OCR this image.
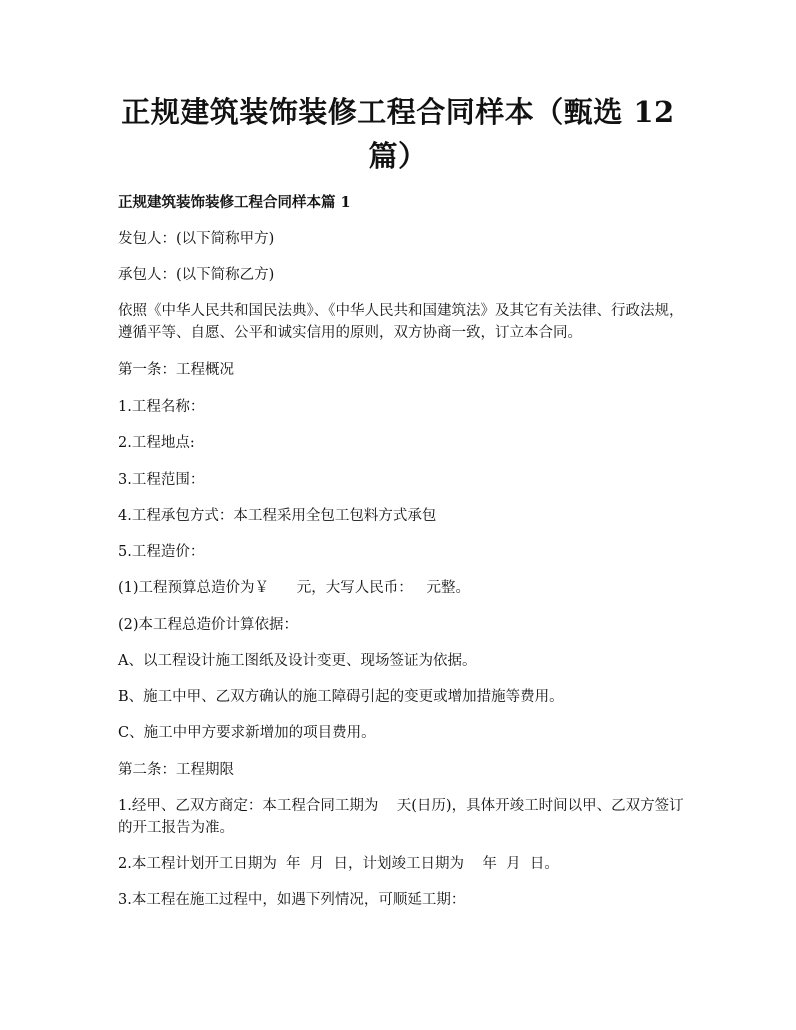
正规建筑装饰装修工程合同样本（甄选 12
篇）
正规建筑装饰装修工程合同样本篇 1
发包人：(以下简称甲方)
承包人：(以下简称乙方)
依照《中华人民共和国民法典》、《中华人民共和国建筑法》及其它有关法律、行政法规，遵循平等、自愿、公平和诚实信用的原则，双方协商一致，订立本合同。
第一条：工程概况
1.工程名称：
2.工程地点:
3.工程范围：
4.工程承包方式：本工程采用全包工包料方式承包
5.工程造价：
(1)工程预算总造价为￥      元，大写人民币：   元整。
(2)本工程总造价计算依据：
A、以工程设计施工图纸及设计变更、现场签证为依据。
B、施工中甲、乙双方确认的施工障碍引起的变更或增加措施等费用。
C、施工中甲方要求新增加的项目费用。
第二条：工程期限
1.经甲、乙双方商定：本工程合同工期为    天(日历)，具体开竣工时间以甲、乙双方签订的开工报告为准。
2.本工程计划开工日期为  年  月  日，计划竣工日期为    年  月  日。
3.本工程在施工过程中，如遇下列情况，可顺延工期：
